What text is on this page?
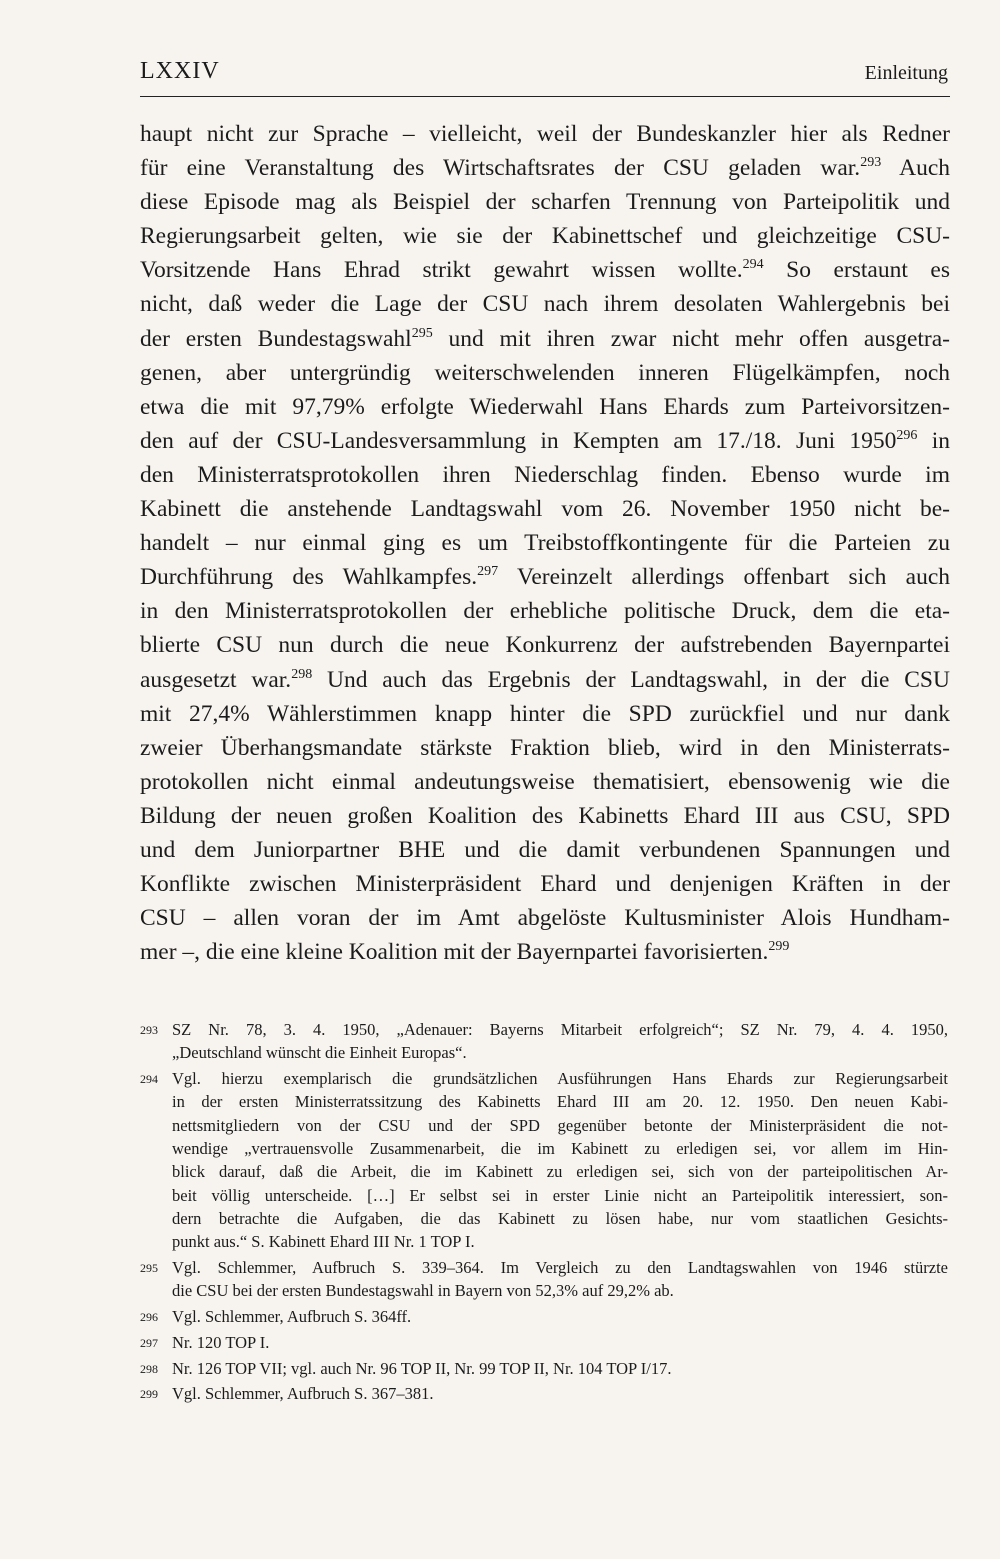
LXXIV	Einleitung
haupt nicht zur Sprache – vielleicht, weil der Bundeskanzler hier als Redner
für eine Veranstaltung des Wirtschaftsrates der CSU geladen war.$^{293}$ Auch
diese Episode mag als Beispiel der scharfen Trennung von Parteipolitik und
Regierungsarbeit gelten, wie sie der Kabinettschef und gleichzeitige CSU-
Vorsitzende Hans Ehrad strikt gewahrt wissen wollte.$^{294}$ So erstaunt es
nicht, daß weder die Lage der CSU nach ihrem desolaten Wahlergebnis bei
der ersten Bundestagswahl$^{295}$ und mit ihren zwar nicht mehr offen ausgetra-
genen, aber untergründig weiterschwelenden inneren Flügelkämpfen, noch
etwa die mit 97,79% erfolgte Wiederwahl Hans Ehards zum Parteivorsitzen-
den auf der CSU-Landesversammlung in Kempten am 17./18. Juni 1950$^{296}$ in
den Ministerratsprotokollen ihren Niederschlag finden. Ebenso wurde im
Kabinett die anstehende Landtagswahl vom 26. November 1950 nicht be-
handelt – nur einmal ging es um Treibstoffkontingente für die Parteien zu
Durchführung des Wahlkampfes.$^{297}$ Vereinzelt allerdings offenbart sich auch
in den Ministerratsprotokollen der erhebliche politische Druck, dem die eta-
blierte CSU nun durch die neue Konkurrenz der aufstrebenden Bayernpartei
ausgesetzt war.$^{298}$ Und auch das Ergebnis der Landtagswahl, in der die CSU
mit 27,4% Wählerstimmen knapp hinter die SPD zurückfiel und nur dank
zweier Überhangsmandate stärkste Fraktion blieb, wird in den Ministerrats-
protokollen nicht einmal andeutungsweise thematisiert, ebensowenig wie die
Bildung der neuen großen Koalition des Kabinetts Ehard III aus CSU, SPD
und dem Juniorpartner BHE und die damit verbundenen Spannungen und
Konflikte zwischen Ministerpräsident Ehard und denjenigen Kräften in der
CSU – allen voran der im Amt abgelöste Kultusminister Alois Hundham-
mer –, die eine kleine Koalition mit der Bayernpartei favorisierten.$^{299}$
293 SZ Nr. 78, 3. 4. 1950, „Adenauer: Bayerns Mitarbeit erfolgreich“; SZ Nr. 79, 4. 4. 1950,
„Deutschland wünscht die Einheit Europas“.
294 Vgl. hierzu exemplarisch die grundsätzlichen Ausführungen Hans Ehards zur Regierungsarbeit
in der ersten Ministerratssitzung des Kabinetts Ehard III am 20. 12. 1950. Den neuen Kabi-
nettsmitgliedern von der CSU und der SPD gegenüber betonte der Ministerpräsident die not-
wendige „vertrauensvolle Zusammenarbeit, die im Kabinett zu erledigen sei, vor allem im Hin-
blick darauf, daß die Arbeit, die im Kabinett zu erledigen sei, sich von der parteipolitischen Ar-
beit völlig unterscheide. […] Er selbst sei in erster Linie nicht an Parteipolitik interessiert, son-
dern betrachte die Aufgaben, die das Kabinett zu lösen habe, nur vom staatlichen Gesichts-
punkt aus.“ S. Kabinett Ehard III Nr. 1 TOP I.
295 Vgl. Schlemmer, Aufbruch S. 339–364. Im Vergleich zu den Landtagswahlen von 1946 stürzte
die CSU bei der ersten Bundestagswahl in Bayern von 52,3% auf 29,2% ab.
296 Vgl. Schlemmer, Aufbruch S. 364ff.
297 Nr. 120 TOP I.
298 Nr. 126 TOP VII; vgl. auch Nr. 96 TOP II, Nr. 99 TOP II, Nr. 104 TOP I/17.
299 Vgl. Schlemmer, Aufbruch S. 367–381.
